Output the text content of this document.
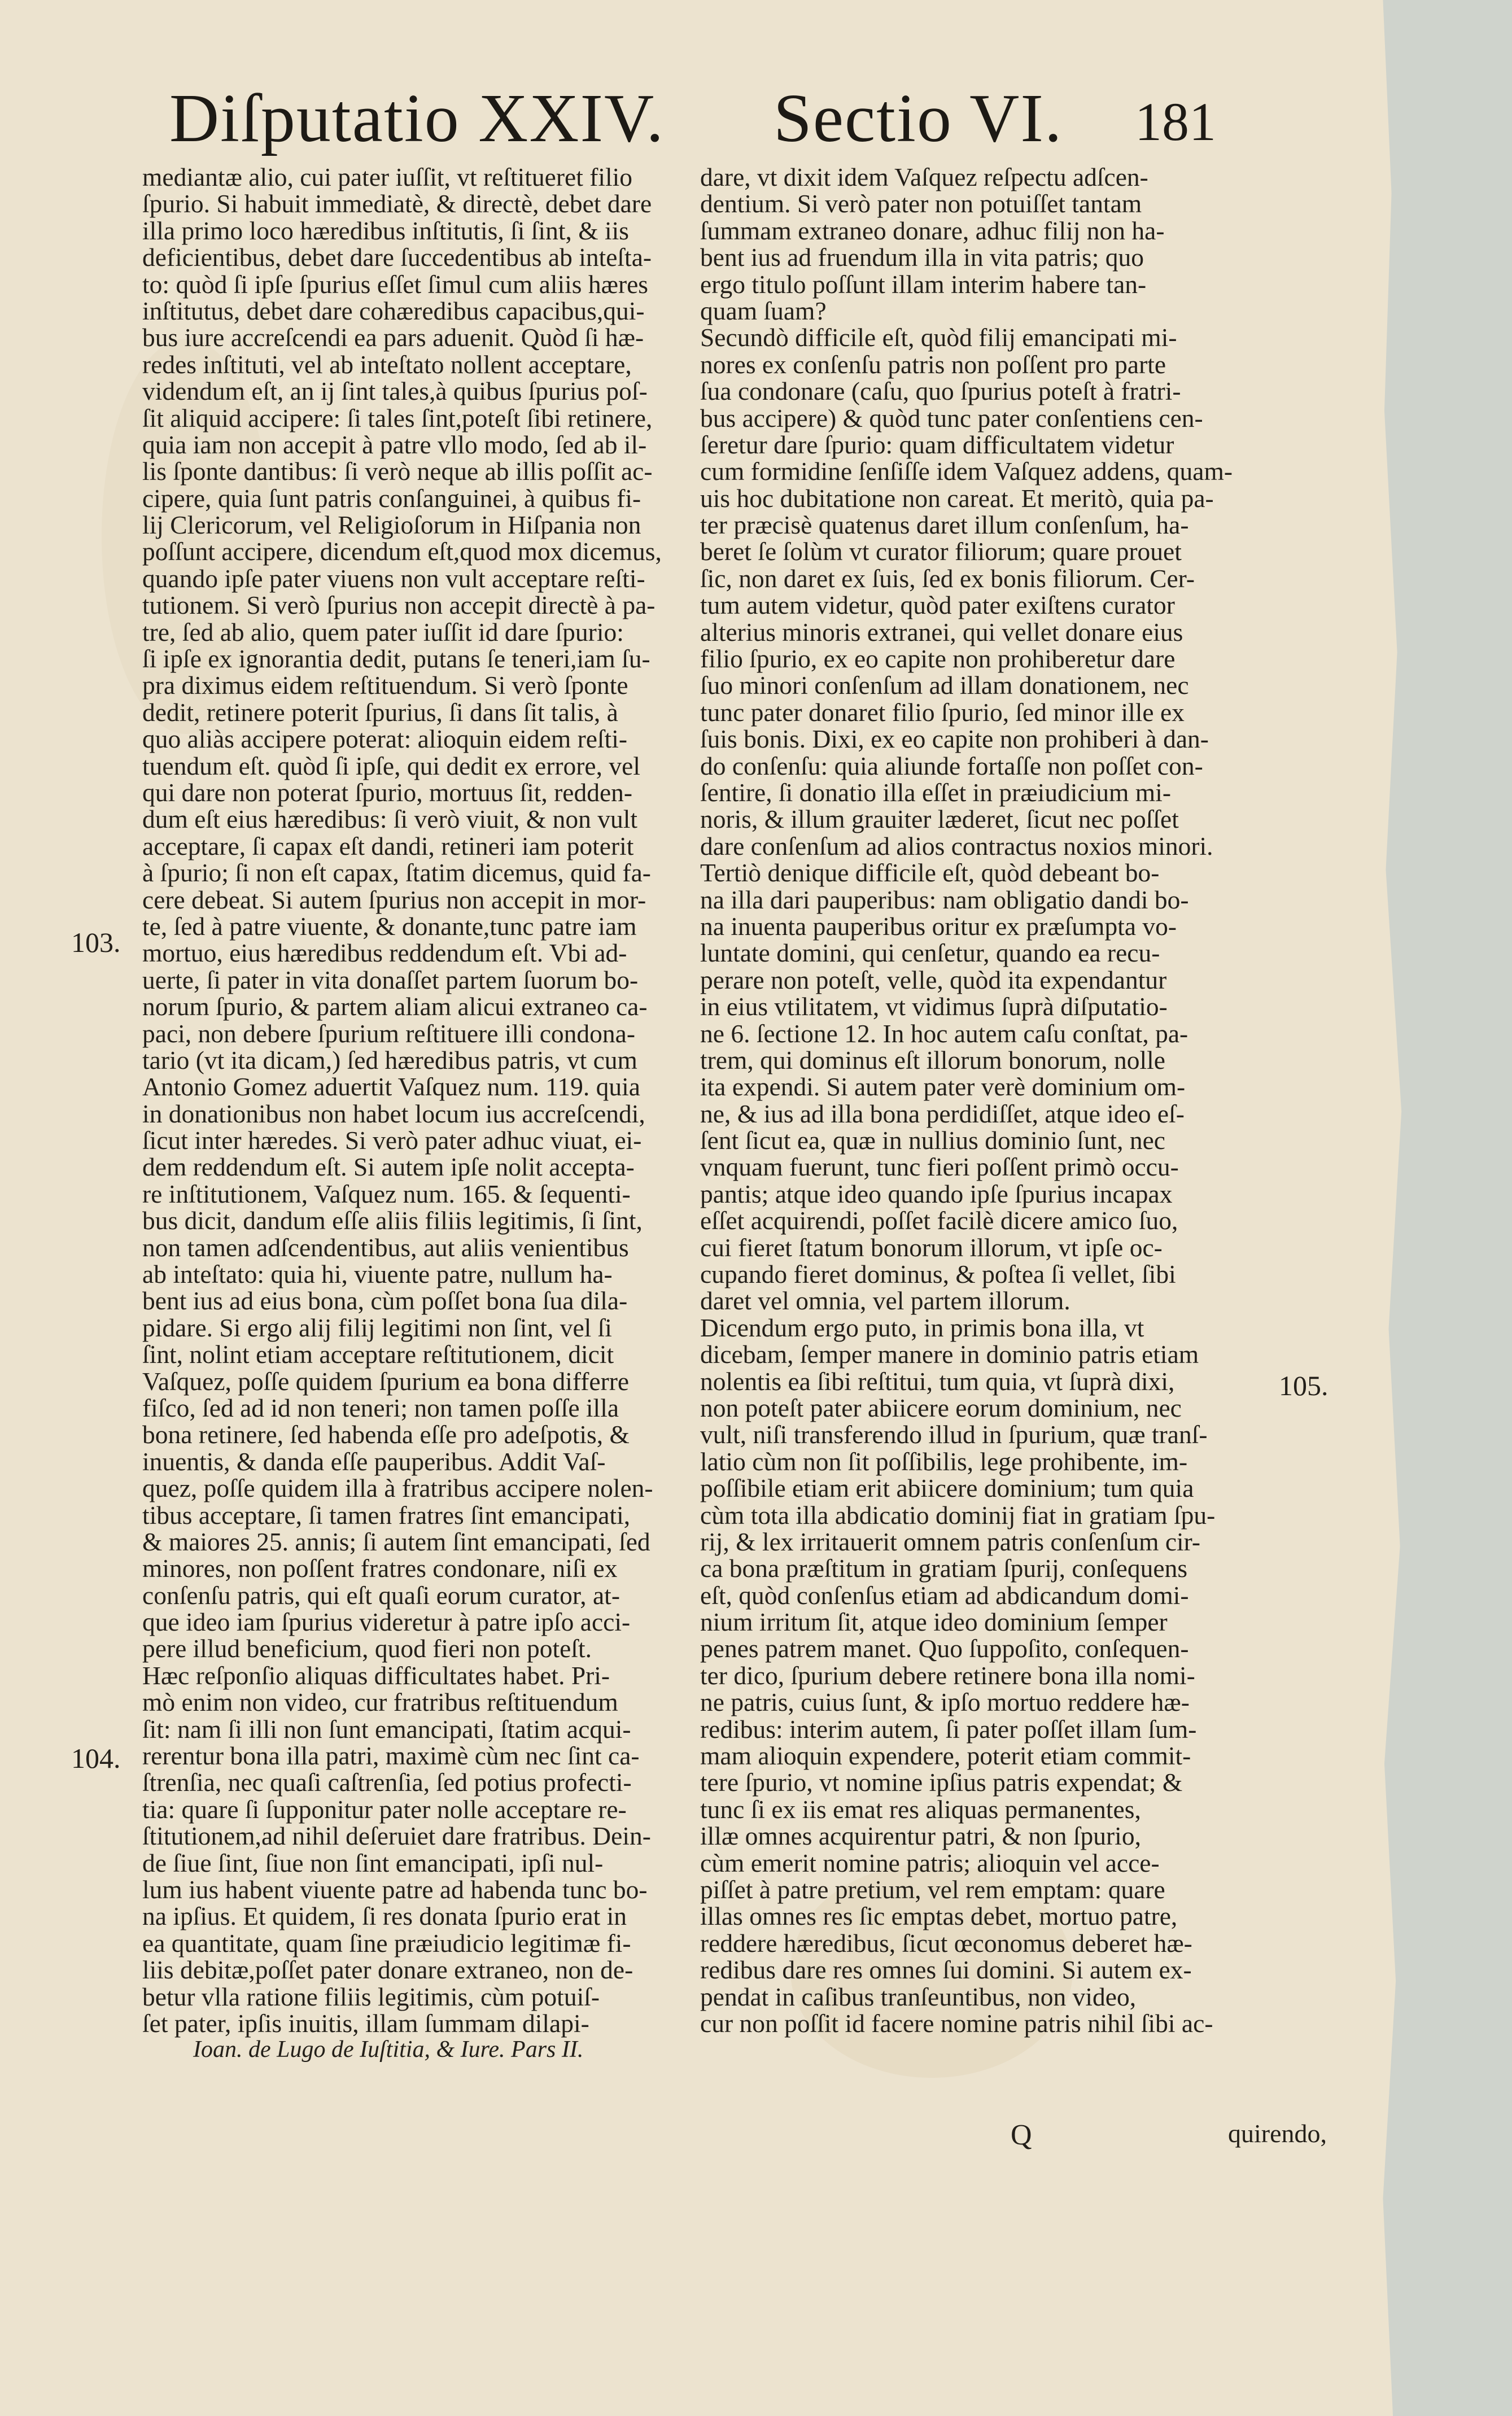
Diſputatio XXIV. Sectio VI. 181
mediantæ alio, cui pater iuſſit, vt reſtitueret filio
ſpurio. Si habuit immediatè, & directè, debet dare
illa primo loco hæredibus inſtitutis, ſi ſint, & iis
deficientibus, debet dare ſuccedentibus ab inteſta-
to: quòd ſi ipſe ſpurius eſſet ſimul cum aliis hæres
inſtitutus, debet dare cohæredibus capacibus,qui-
bus iure accreſcendi ea pars aduenit. Quòd ſi hæ-
redes inſtituti, vel ab inteſtato nollent acceptare,
videndum eſt, an ij ſint tales,à quibus ſpurius poſ-
ſit aliquid accipere: ſi tales ſint,poteſt ſibi retinere,
quia iam non accepit à patre vllo modo, ſed ab il-
lis ſponte dantibus: ſi verò neque ab illis poſſit ac-
cipere, quia ſunt patris conſanguinei, à quibus fi-
lij Clericorum, vel Religioſorum in Hiſpania non
poſſunt accipere, dicendum eſt,quod mox dicemus,
quando ipſe pater viuens non vult acceptare reſti-
tutionem. Si verò ſpurius non accepit directè à pa-
tre, ſed ab alio, quem pater iuſſit id dare ſpurio:
ſi ipſe ex ignorantia dedit, putans ſe teneri,iam ſu-
pra diximus eidem reſtituendum. Si verò ſponte
dedit, retinere poterit ſpurius, ſi dans ſit talis, à
quo aliàs accipere poterat: alioquin eidem reſti-
tuendum eſt. quòd ſi ipſe, qui dedit ex errore, vel
qui dare non poterat ſpurio, mortuus ſit, redden-
dum eſt eius hæredibus: ſi verò viuit, & non vult
acceptare, ſi capax eſt dandi, retineri iam poterit
à ſpurio; ſi non eſt capax, ſtatim dicemus, quid fa-
cere debeat. Si autem ſpurius non accepit in mor-
te, ſed à patre viuente, & donante,tunc patre iam
mortuo, eius hæredibus reddendum eſt. Vbi ad-
uerte, ſi pater in vita donaſſet partem ſuorum bo-
norum ſpurio, & partem aliam alicui extraneo ca-
paci, non debere ſpurium reſtituere illi condona-
tario (vt ita dicam,) ſed hæredibus patris, vt cum
Antonio Gomez aduertit Vaſquez num. 119. quia
in donationibus non habet locum ius accreſcendi,
ſicut inter hæredes. Si verò pater adhuc viuat, ei-
dem reddendum eſt. Si autem ipſe nolit accepta-
re inſtitutionem, Vaſquez num. 165. & ſequenti-
bus dicit, dandum eſſe aliis filiis legitimis, ſi ſint,
non tamen adſcendentibus, aut aliis venientibus
ab inteſtato: quia hi, viuente patre, nullum ha-
bent ius ad eius bona, cùm poſſet bona ſua dila-
pidare. Si ergo alij filij legitimi non ſint, vel ſi
ſint, nolint etiam acceptare reſtitutionem, dicit
Vaſquez, poſſe quidem ſpurium ea bona differre
fiſco, ſed ad id non teneri; non tamen poſſe illa
bona retinere, ſed habenda eſſe pro adeſpotis, &
inuentis, & danda eſſe pauperibus. Addit Vaſ-
quez, poſſe quidem illa à fratribus accipere nolen-
tibus acceptare, ſi tamen fratres ſint emancipati,
& maiores 25. annis; ſi autem ſint emancipati, ſed
minores, non poſſent fratres condonare, niſi ex
conſenſu patris, qui eſt quaſi eorum curator, at-
que ideo iam ſpurius videretur à patre ipſo acci-
pere illud beneficium, quod fieri non poteſt.
Hæc reſponſio aliquas difficultates habet. Pri-
mò enim non video, cur fratribus reſtituendum
ſit: nam ſi illi non ſunt emancipati, ſtatim acqui-
rerentur bona illa patri, maximè cùm nec ſint ca-
ſtrenſia, nec quaſi caſtrenſia, ſed potius profecti-
tia: quare ſi ſupponitur pater nolle acceptare re-
ſtitutionem,ad nihil deſeruiet dare fratribus. Dein-
de ſiue ſint, ſiue non ſint emancipati, ipſi nul-
lum ius habent viuente patre ad habenda tunc bo-
na ipſius. Et quidem, ſi res donata ſpurio erat in
ea quantitate, quam ſine præiudicio legitimæ fi-
liis debitæ,poſſet pater donare extraneo, non de-
betur vlla ratione filiis legitimis, cùm potuiſ-
ſet pater, ipſis inuitis, illam ſummam dilapi-
Ioan. de Lugo de Iuſtitia, & Iure. Pars II.
dare, vt dixit idem Vaſquez reſpectu adſcen-
dentium. Si verò pater non potuiſſet tantam
ſummam extraneo donare, adhuc filij non ha-
bent ius ad fruendum illa in vita patris; quo
ergo titulo poſſunt illam interim habere tan-
quam ſuam?
Secundò difficile eſt, quòd filij emancipati mi-
nores ex conſenſu patris non poſſent pro parte
ſua condonare (caſu, quo ſpurius poteſt à fratri-
bus accipere) & quòd tunc pater conſentiens cen-
ſeretur dare ſpurio: quam difficultatem videtur
cum formidine ſenſiſſe idem Vaſquez addens, quam-
uis hoc dubitatione non careat. Et meritò, quia pa-
ter præcisè quatenus daret illum conſenſum, ha-
beret ſe ſolùm vt curator filiorum; quare prouet
ſic, non daret ex ſuis, ſed ex bonis filiorum. Cer-
tum autem videtur, quòd pater exiſtens curator
alterius minoris extranei, qui vellet donare eius
filio ſpurio, ex eo capite non prohiberetur dare
ſuo minori conſenſum ad illam donationem, nec
tunc pater donaret filio ſpurio, ſed minor ille ex
ſuis bonis. Dixi, ex eo capite non prohiberi à dan-
do conſenſu: quia aliunde fortaſſe non poſſet con-
ſentire, ſi donatio illa eſſet in præiudicium mi-
noris, & illum grauiter læderet, ſicut nec poſſet
dare conſenſum ad alios contractus noxios minori.
Tertiò denique difficile eſt, quòd debeant bo-
na illa dari pauperibus: nam obligatio dandi bo-
na inuenta pauperibus oritur ex præſumpta vo-
luntate domini, qui cenſetur, quando ea recu-
perare non poteſt, velle, quòd ita expendantur
in eius vtilitatem, vt vidimus ſuprà diſputatio-
ne 6. ſectione 12. In hoc autem caſu conſtat, pa-
trem, qui dominus eſt illorum bonorum, nolle
ita expendi. Si autem pater verè dominium om-
ne, & ius ad illa bona perdidiſſet, atque ideo eſ-
ſent ſicut ea, quæ in nullius dominio ſunt, nec
vnquam fuerunt, tunc fieri poſſent primò occu-
pantis; atque ideo quando ipſe ſpurius incapax
eſſet acquirendi, poſſet facilè dicere amico ſuo,
cui fieret ſtatum bonorum illorum, vt ipſe oc-
cupando fieret dominus, & poſtea ſi vellet, ſibi
daret vel omnia, vel partem illorum.
Dicendum ergo puto, in primis bona illa, vt
dicebam, ſemper manere in dominio patris etiam
nolentis ea ſibi reſtitui, tum quia, vt ſuprà dixi,
non poteſt pater abiicere eorum dominium, nec
vult, niſi transferendo illud in ſpurium, quæ tranſ-
latio cùm non ſit poſſibilis, lege prohibente, im-
poſſibile etiam erit abiicere dominium; tum quia
cùm tota illa abdicatio dominij fiat in gratiam ſpu-
rij, & lex irritauerit omnem patris conſenſum cir-
ca bona præſtitum in gratiam ſpurij, conſequens
eſt, quòd conſenſus etiam ad abdicandum domi-
nium irritum ſit, atque ideo dominium ſemper
penes patrem manet. Quo ſuppoſito, conſequen-
ter dico, ſpurium debere retinere bona illa nomi-
ne patris, cuius ſunt, & ipſo mortuo reddere hæ-
redibus: interim autem, ſi pater poſſet illam ſum-
mam alioquin expendere, poterit etiam commit-
tere ſpurio, vt nomine ipſius patris expendat; &
tunc ſi ex iis emat res aliquas permanentes,
illæ omnes acquirentur patri, & non ſpurio,
cùm emerit nomine patris; alioquin vel acce-
piſſet à patre pretium, vel rem emptam: quare
illas omnes res ſic emptas debet, mortuo patre,
reddere hæredibus, ſicut œconomus deberet hæ-
redibus dare res omnes ſui domini. Si autem ex-
pendat in caſibus tranſeuntibus, non video,
cur non poſſit id facere nomine patris nihil ſibi ac-
103.
104.
105.
Q	quirendo,
